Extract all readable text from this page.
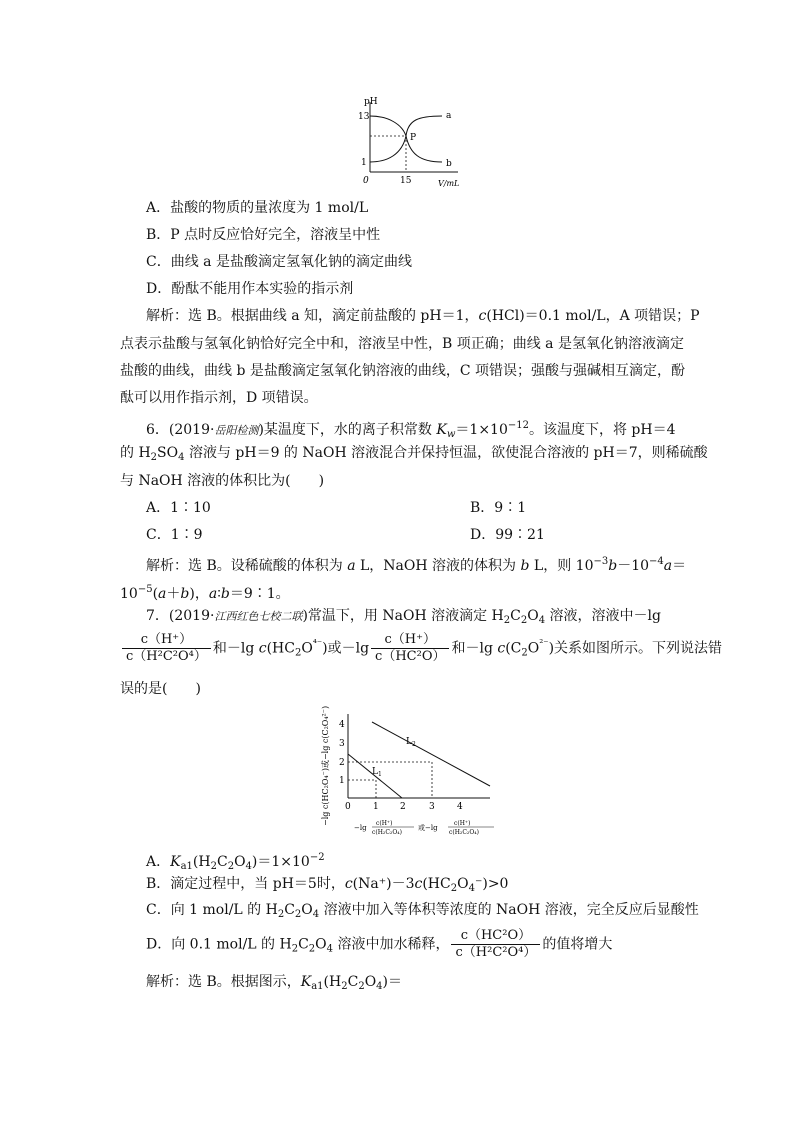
pH
13
1
0	15	V/mL
P
a
b
A．盐酸的物质的量浓度为 1 mol/L
B．P 点时反应恰好完全，溶液呈中性
C．曲线 a 是盐酸滴定氢氧化钠的滴定曲线
D．酚酞不能用作本实验的指示剂
解析：选 B。根据曲线 a 知，滴定前盐酸的 pH＝1，c(HCl)＝0.1 mol/L，A 项错误；P
点表示盐酸与氢氧化钠恰好完全中和，溶液呈中性，B 项正确；曲线 a 是氢氧化钠溶液滴定
盐酸的曲线，曲线 b 是盐酸滴定氢氧化钠溶液的曲线，C 项错误；强酸与强碱相互滴定，酚
酞可以用作指示剂，D 项错误。
6．(2019·岳阳检测)某温度下，水的离子积常数 $K_w=1\times 10^{-12}$。该温度下，将 pH＝4
的 $H_2SO_4$ 溶液与 pH＝9 的 NaOH 溶液混合并保持恒温，欲使混合溶液的 pH＝7，则稀硫酸
与 NaOH 溶液的体积比为(　　)
A．1∶10	B．9∶1
C．1∶9	D．99∶21
解析：选 B。设稀硫酸的体积为 a L，NaOH 溶液的体积为 b L，则 $10^{-3}b-10^{-4}a=$
$10^{-5}(a+b)$，a∶b＝9∶1。
7．(2019·江西红色七校二联)常温下，用 NaOH 溶液滴定 $H_2C_2O_4$ 溶液，溶液中－lg
$\frac{c(H^+)}{\text{c（H²C²O⁴）}}$ 和－lg $c(HC_2O^{^{4-}})$或$-\lg \frac{c(H^+)}{\text{c（HC²O）}}$ 和－lg $c(C_2O^{^{2-}})$关系如图所示。下列说法错
误的是(　　)
−lg c(HC₂O₄⁻)或−lg c(C₂O₄²⁻) 4
3
2
1
0 1 2	3 4
$L_2$
$L_1$
−lg
c(H⁺)
c(H₂C₂O₄)
或−lg
c(H⁺)
c(H₂C₂O₄)
A．$K_{a1}(H_2C_2O_4)=1\times 10^{-2}$
B．滴定过程中，当 pH＝5时，$c(Na^+)-3c(HC_2O_4^-)>0$
C．向 1 mol/L 的 $H_2C_2O_4$ 溶液中加入等体积等浓度的 NaOH 溶液，完全反应后显酸性
D．向 0.1 mol/L 的 $H_2C_2O_4$ 溶液中加水稀释， $\frac{\text{c（HC²O）}}{\text{c（H²C²O⁴）}}$ 的值将增大
解析：选 B。根据图示，$K_{a1}(H_2C_2O_4)=$
